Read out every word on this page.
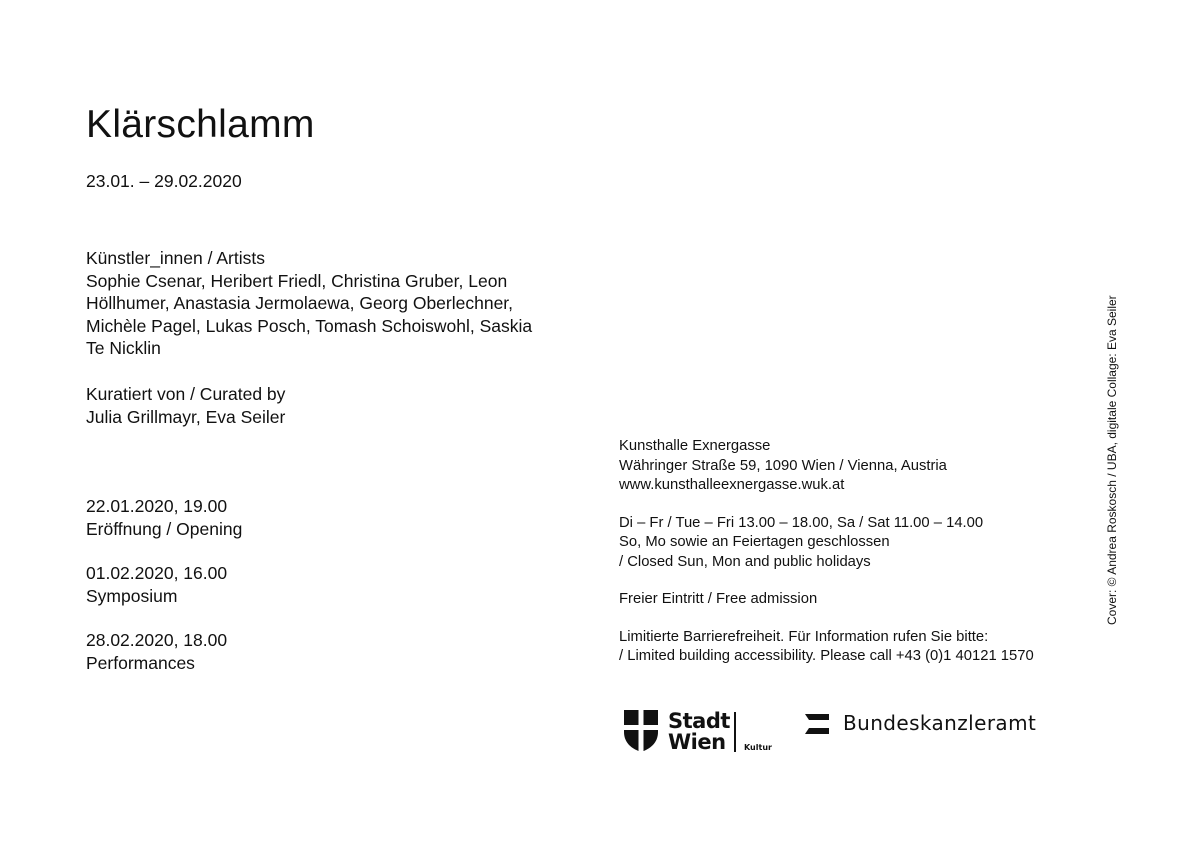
Klärschlamm
23.01. – 29.02.2020
Künstler_innen / Artists
Sophie Csenar, Heribert Friedl, Christina Gruber, Leon
Höllhumer, Anastasia Jermolaewa, Georg Oberlechner,
Michèle Pagel, Lukas Posch, Tomash Schoiswohl, Saskia
Te Nicklin
Kuratiert von / Curated by
Julia Grillmayr, Eva Seiler
22.01.2020, 19.00
Eröffnung / Opening
01.02.2020, 16.00
Symposium
28.02.2020, 18.00
Performances

Kunsthalle Exnergasse
Währinger Straße 59, 1090 Wien / Vienna, Austria
www.kunsthalleexnergasse.wuk.at

Di – Fr / Tue – Fri 13.00 – 18.00, Sa / Sat 11.00 – 14.00
So, Mo sowie an Feiertagen geschlossen
/ Closed Sun, Mon and public holidays

Freier Eintritt / Free admission

Limitierte Barrierefreiheit. Für Information rufen Sie bitte:
/ Limited building accessibility. Please call +43 (0)1 40121 1570

Cover: © Andrea Roskosch / UBA, digitale Collage: Eva Seiler
Stadt
Wien	Kultur
Bundeskanzleramt
